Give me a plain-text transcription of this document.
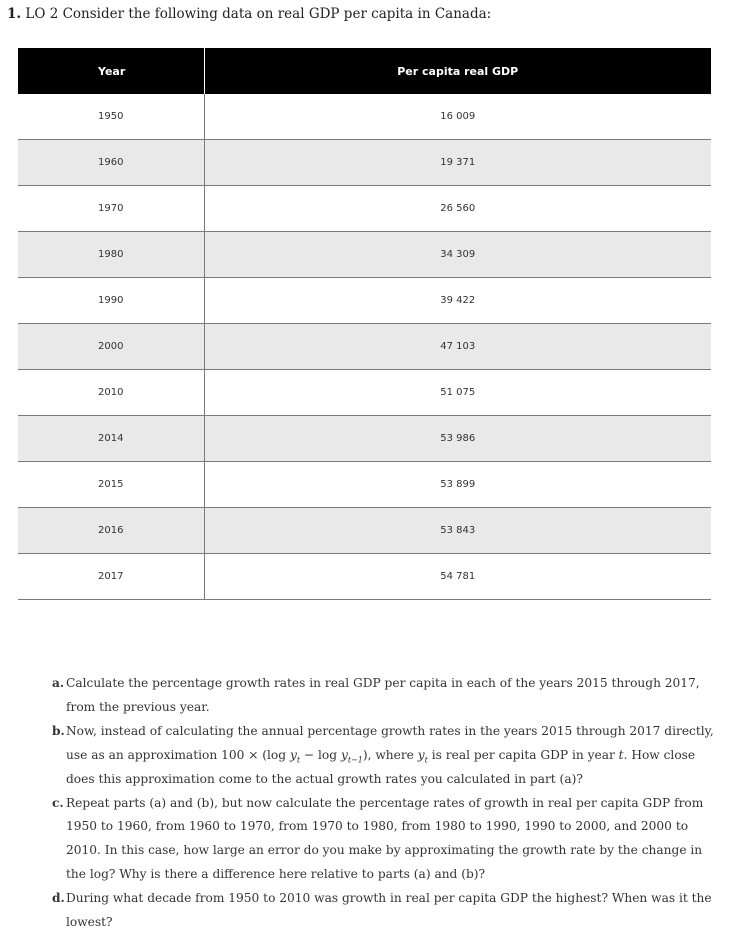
1. LO 2 Consider the following data on real GDP per capita in Canada:
Year	Per capita real GDP
1950	16 009
1960	19 371
1970	26 560
1980	34 309
1990	39 422
2000	47 103
2010	51 075
2014	53 986
2015	53 899
2016	53 843
2017	54 781
a. Calculate the percentage growth rates in real GDP per capita in each of the years 2015 through 2017, from the previous year.
b. Now, instead of calculating the annual percentage growth rates in the years 2015 through 2017 directly, use as an approximation 100 × (log $y_t - \log y_{t-1}$), where $y_t$ is real per capita GDP in year t. How close does this approximation come to the actual growth rates you calculated in part (a)?
c. Repeat parts (a) and (b), but now calculate the percentage rates of growth in real per capita GDP from 1950 to 1960, from 1960 to 1970, from 1970 to 1980, from 1980 to 1990, 1990 to 2000, and 2000 to 2010. In this case, how large an error do you make by approximating the growth rate by the change in the log? Why is there a difference here relative to parts (a) and (b)?
d. During what decade from 1950 to 2010 was growth in real per capita GDP the highest? When was it the lowest?
